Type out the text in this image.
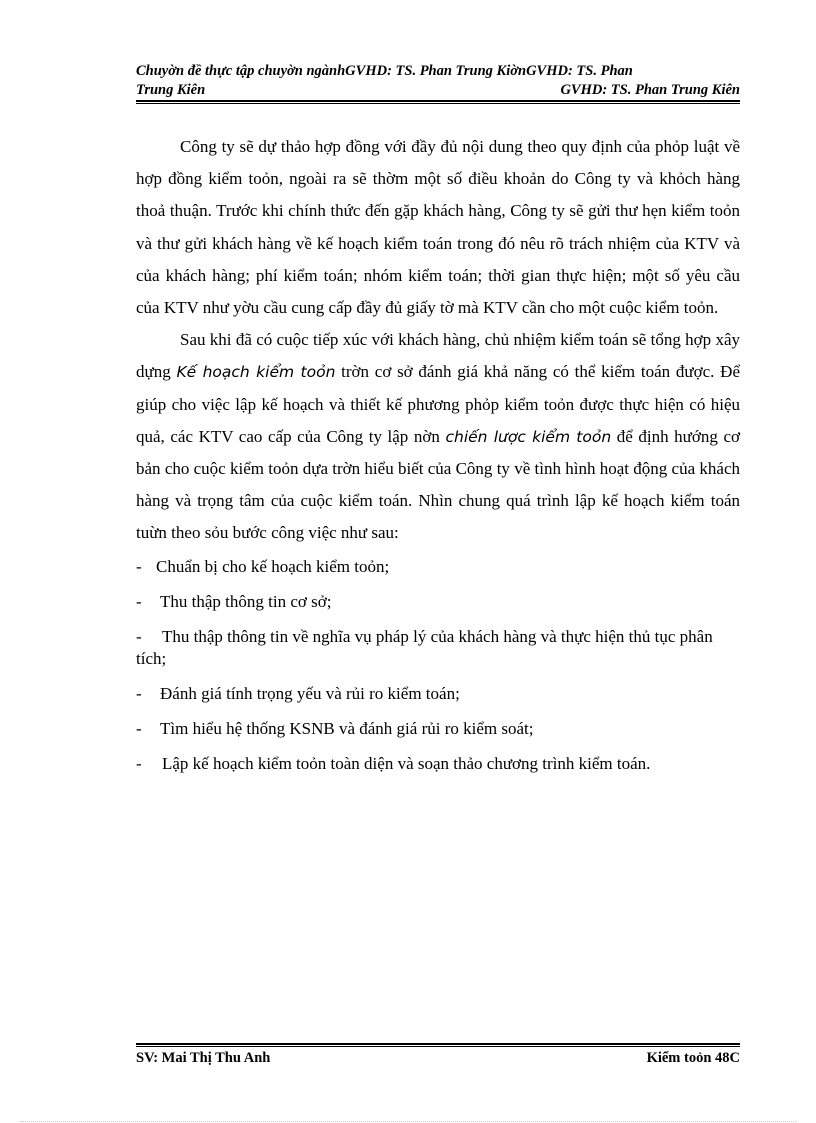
Chuyờn đề thực tập chuyờn ngànhGVHD: TS. Phan Trung KiờnGVHD: TS. Phan
Trung Kiên	GVHD: TS. Phan Trung Kiên

Công ty sẽ dự thảo hợp đồng với đầy đủ nội dung theo quy định của phỏp luật về hợp đồng kiểm toỏn, ngoài ra sẽ thờm một số điều khoản do Công ty và khỏch hàng thoả thuận. Trước khi chính thức đến gặp khách hàng, Công ty sẽ gửi thư hẹn kiểm toỏn và thư gửi khách hàng về kế hoạch kiểm toán trong đó nêu rõ trách nhiệm của KTV và của khách hàng; phí kiểm toán; nhóm kiểm toán; thời gian thực hiện; một số yêu cầu của KTV như yờu cầu cung cấp đầy đủ giấy tờ mà KTV cần cho một cuộc kiểm toỏn.

Sau khi đã có cuộc tiếp xúc với khách hàng, chủ nhiệm kiểm toán sẽ tổng hợp xây dựng Kế hoạch kiểm toỏn trờn cơ sở đánh giá khả năng có thể kiểm toán được. Để giúp cho việc lập kế hoạch và thiết kế phương phỏp kiểm toỏn được thực hiện có hiệu quả, các KTV cao cấp của Công ty lập nờn chiến lược kiểm toỏn để định hướng cơ bản cho cuộc kiểm toỏn dựa trờn hiểu biết của Công ty về tình hình hoạt động của khách hàng và trọng tâm của cuộc kiểm toán. Nhìn chung quá trình lập kế hoạch kiểm toán tuừn theo sỏu bước công việc như sau:

- Chuẩn bị cho kế hoạch kiểm toỏn;
-	Thu thập thông tin cơ sở;
- Thu thập thông tin về nghĩa vụ pháp lý của khách hàng và thực hiện thủ tục phân tích;
-	Đánh giá tính trọng yếu và rủi ro kiểm toán;
-	Tìm hiểu hệ thống KSNB và đánh giá rủi ro kiểm soát;
-	Lập kế hoạch kiểm toỏn toàn diện và soạn thảo chương trình kiểm toán.
SV: Mai Thị Thu Anh	Kiểm toỏn 48C
